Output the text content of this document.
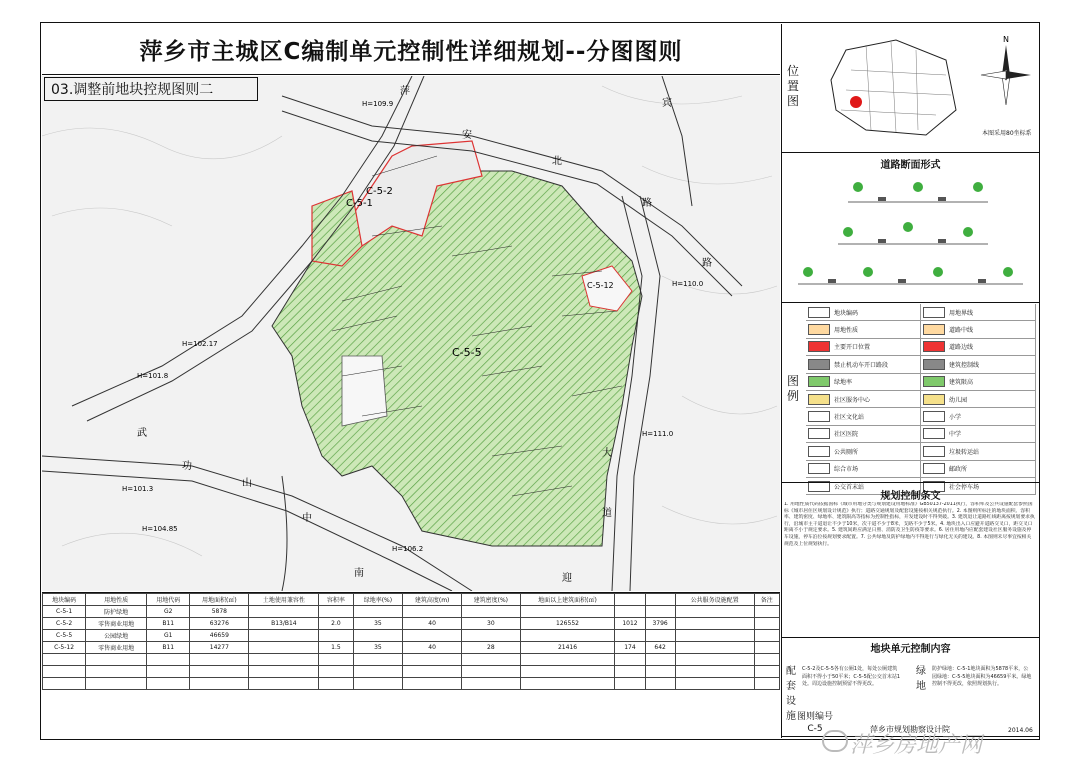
萍乡市主城区C编制单元控制性详细规划--分图图则
C-5-1
C-5-2
C-5-5
C-5-12
H=109.9
H=102.17
H=101.8
H=110.0
H=111.0
H=101.3
H=104.85
H=106.2
萍
安
北
路
武
功
山
中
大
道
迎
宾
路
南
03.调整前地块控规图则二
位置图
N
本图采用80坐标系
道路断面形式
图例
地块编码	用地界线
用地性质	道路中线
主要开口位置	道路边线
禁止机动车开口路段	建筑控制线
绿地率	建筑限高
社区服务中心	幼儿园
社区文化站	小学
社区医院	中学
公共厕所	垃圾转运站
综合市场	邮政所
公交首末站	社会停车场
规划控制条文
1. 用地性质代码依据国标《城市用地分类与规划建设用地标准》GB50137-2011执行，容积率及公共设施配套参照国标《城市居住区规划设计规范》执行；道路交通规划及配套设施按相关规范执行。2. 本图则所标注的地块面积、容积率、建筑密度、绿地率、建筑限高等指标为控制性指标，开发建设时不得突破。3. 建筑退让道路红线距离按规划要求执行，沿城市主干道退让不少于10米，次干道不少于8米，支路不少于5米。4. 地块出入口应避开道路交叉口，距交叉口距离不小于规定要求。5. 建筑间距应满足日照、消防及卫生防疫等要求。6. 居住用地内应配套建设社区服务设施及停车设施，停车泊位按规划要求配置。7. 公共绿地及防护绿地内不得进行与绿化无关的建设。8. 本图则未尽事宜按相关规范及上位规划执行。
地块单元控制内容
配套设施
C-5-2及C-5-5各有公厕1处，每处公厕建筑面积不得小于50平米；C-5-5配公交首末站1处。周边设施控制预留不得更改。
绿地
防护绿地：C-5-1地块面积为5878平米，公园绿地：C-5-5地块面积为46659平米。绿地控制不得更改，依照规划执行。
图则编号
C-5	萍乡市规划勘察设计院	2014.06
地块编码	用地性质	用地代码	用地面积(㎡)	土地使用兼容性	容积率	绿地率(%)	建筑高度(m)	建筑密度(%)	地面以上建筑面积(㎡)			公共服务设施配置	备注
C-5-1	防护绿地	G2	5878										
C-5-2	零售商业用地	B11	63276	B13/B14	2.0	35	40	30	126552	1012	3796		
C-5-5	公园绿地	G1	46659										
C-5-12	零售商业用地	B11	14277		1.5	35	40	28	21416	174	642		

萍乡房地产网
